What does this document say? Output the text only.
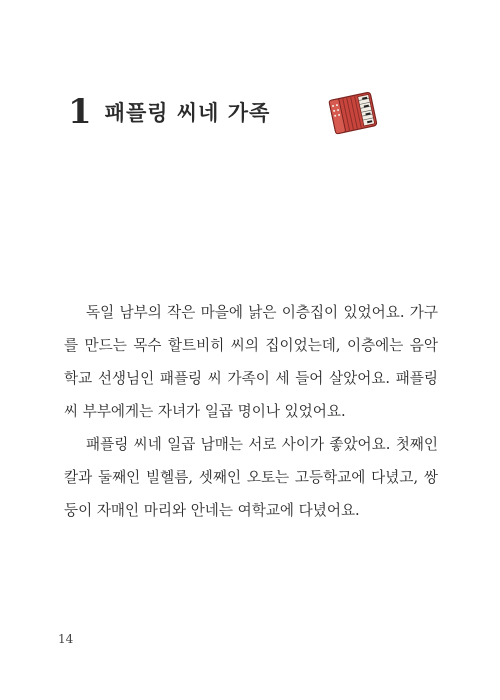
1 패플링 씨네 가족

독일 남부의 작은 마을에 낡은 이층집이 있었어요. 가구를 만드는 목수 할트비히 씨의 집이었는데, 이층에는 음악 학교 선생님인 패플링 씨 가족이 세 들어 살았어요. 패플링 씨 부부에게는 자녀가 일곱 명이나 있었어요.

패플링 씨네 일곱 남매는 서로 사이가 좋았어요. 첫째인 칼과 둘째인 빌헬름, 셋째인 오토는 고등학교에 다녔고, 쌍둥이 자매인 마리와 안네는 여학교에 다녔어요.

14
